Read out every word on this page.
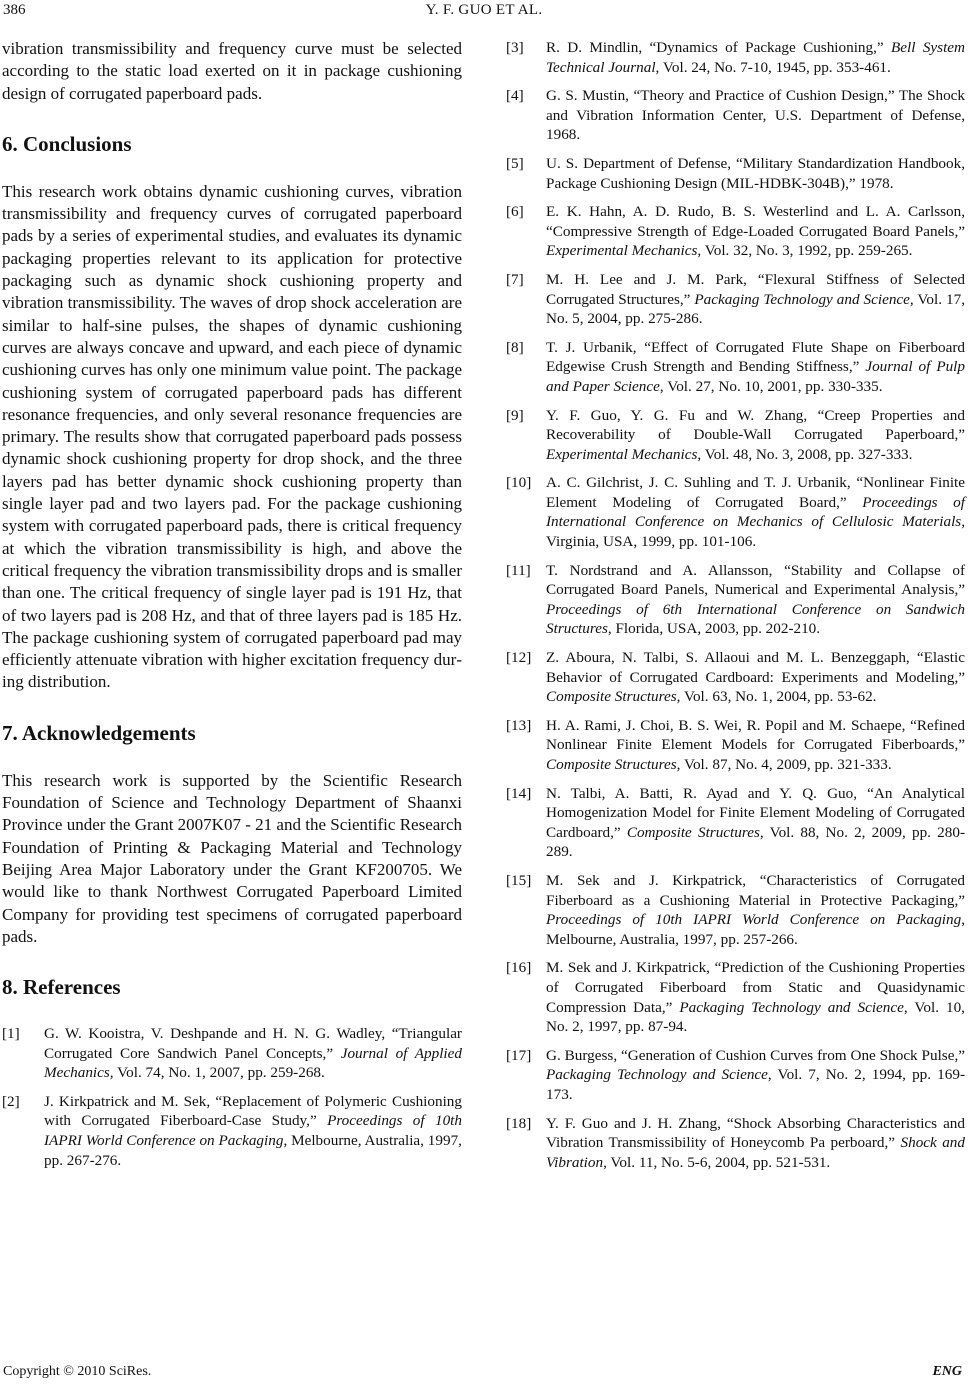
386	Y. F. GUO ET AL.

vibration transmissibility and frequency curve must be selected according to the static load exerted on it in package cushioning design of corrugated paperboard pads.

6. Conclusions

This research work obtains dynamic cushioning curves, vibration transmissibility and frequency curves of corrugated paperboard pads by a series of experimental studies, and evaluates its dynamic packaging properties relevant to its application for protective packaging such as dynamic shock cushioning property and vibration transmissibility. The waves of drop shock acceleration are similar to half-sine pulses, the shapes of dynamic cushioning curves are always concave and upward, and each piece of dynamic cushioning curves has only one minimum value point. The package cushioning system of corrugated paperboard pads has different resonance frequencies, and only several resonance frequencies are primary. The results show that corrugated paperboard pads possess dynamic shock cushioning property for drop shock, and the three layers pad has better dynamic shock cushioning property than single layer pad and two layers pad. For the package cushioning system with corrugated paperboard pads, there is critical frequency at which the vibration transmissibility is high, and above the critical frequency the vibration transmissibility drops and is smaller than one. The critical frequency of single layer pad is 191 Hz, that of two layers pad is 208 Hz, and that of three layers pad is 185 Hz. The package cushioning system of corrugated paperboard pad may efficiently attenuate vibration with higher excitation frequency during distribution.

7. Acknowledgements

This research work is supported by the Scientific Research Foundation of Science and Technology Department of Shaanxi Province under the Grant 2007K07 - 21 and the Scientific Research Foundation of Printing & Packaging Material and Technology Beijing Area Major Laboratory under the Grant KF200705. We would like to thank Northwest Corrugated Paperboard Limited Company for providing test specimens of corrugated paperboard pads.

8. References
[1] G. W. Kooistra, V. Deshpande and H. N. G. Wadley, “Triangular Corrugated Core Sandwich Panel Concepts,” Journal of Applied Mechanics, Vol. 74, No. 1, 2007, pp. 259-268.
[2] J. Kirkpatrick and M. Sek, “Replacement of Polymeric Cushioning with Corrugated Fiberboard-Case Study,” Proceedings of 10th IAPRI World Conference on Packaging, Melbourne, Australia, 1997, pp. 267-276.
[3] R. D. Mindlin, “Dynamics of Package Cushioning,” Bell System Technical Journal, Vol. 24, No. 7-10, 1945, pp. 353-461.
[4] G. S. Mustin, “Theory and Practice of Cushion Design,” The Shock and Vibration Information Center, U.S. Department of Defense, 1968.
[5] U. S. Department of Defense, “Military Standardization Handbook, Package Cushioning Design (MIL-HDBK-304B),” 1978.
[6] E. K. Hahn, A. D. Rudo, B. S. Westerlind and L. A. Carlsson, “Compressive Strength of Edge-Loaded Corrugated Board Panels,” Experimental Mechanics, Vol. 32, No. 3, 1992, pp. 259-265.
[7] M. H. Lee and J. M. Park, “Flexural Stiffness of Selected Corrugated Structures,” Packaging Technology and Science, Vol. 17, No. 5, 2004, pp. 275-286.
[8] T. J. Urbanik, “Effect of Corrugated Flute Shape on Fiberboard Edgewise Crush Strength and Bending Stiffness,” Journal of Pulp and Paper Science, Vol. 27, No. 10, 2001, pp. 330-335.
[9] Y. F. Guo, Y. G. Fu and W. Zhang, “Creep Properties and Recoverability of Double-Wall Corrugated Paperboard,” Experimental Mechanics, Vol. 48, No. 3, 2008, pp. 327-333.
[10] A. C. Gilchrist, J. C. Suhling and T. J. Urbanik, “Nonlinear Finite Element Modeling of Corrugated Board,” Proceedings of International Conference on Mechanics of Cellulosic Materials, Virginia, USA, 1999, pp. 101-106.
[11] T. Nordstrand and A. Allansson, “Stability and Collapse of Corrugated Board Panels, Numerical and Experimental Analysis,” Proceedings of 6th International Conference on Sandwich Structures, Florida, USA, 2003, pp. 202-210.
[12] Z. Aboura, N. Talbi, S. Allaoui and M. L. Benzeggaph, “Elastic Behavior of Corrugated Cardboard: Experiments and Modeling,” Composite Structures, Vol. 63, No. 1, 2004, pp. 53-62.
[13] H. A. Rami, J. Choi, B. S. Wei, R. Popil and M. Schaepe, “Refined Nonlinear Finite Element Models for Corrugated Fiberboards,” Composite Structures, Vol. 87, No. 4, 2009, pp. 321-333.
[14] N. Talbi, A. Batti, R. Ayad and Y. Q. Guo, “An Analytical Homogenization Model for Finite Element Modeling of Corrugated Cardboard,” Composite Structures, Vol. 88, No. 2, 2009, pp. 280-289.
[15] M. Sek and J. Kirkpatrick, “Characteristics of Corrugated Fiberboard as a Cushioning Material in Protective Packaging,” Proceedings of 10th IAPRI World Conference on Packaging, Melbourne, Australia, 1997, pp. 257-266.
[16] M. Sek and J. Kirkpatrick, “Prediction of the Cushioning Properties of Corrugated Fiberboard from Static and Quasidynamic Compression Data,” Packaging Technology and Science, Vol. 10, No. 2, 1997, pp. 87-94.
[17] G. Burgess, “Generation of Cushion Curves from One Shock Pulse,” Packaging Technology and Science, Vol. 7, No. 2, 1994, pp. 169-173.
[18] Y. F. Guo and J. H. Zhang, “Shock Absorbing Characteristics and Vibration Transmissibility of Honeycomb Pa perboard,” Shock and Vibration, Vol. 11, No. 5-6, 2004, pp. 521-531.
Copyright © 2010 SciRes.	ENG
